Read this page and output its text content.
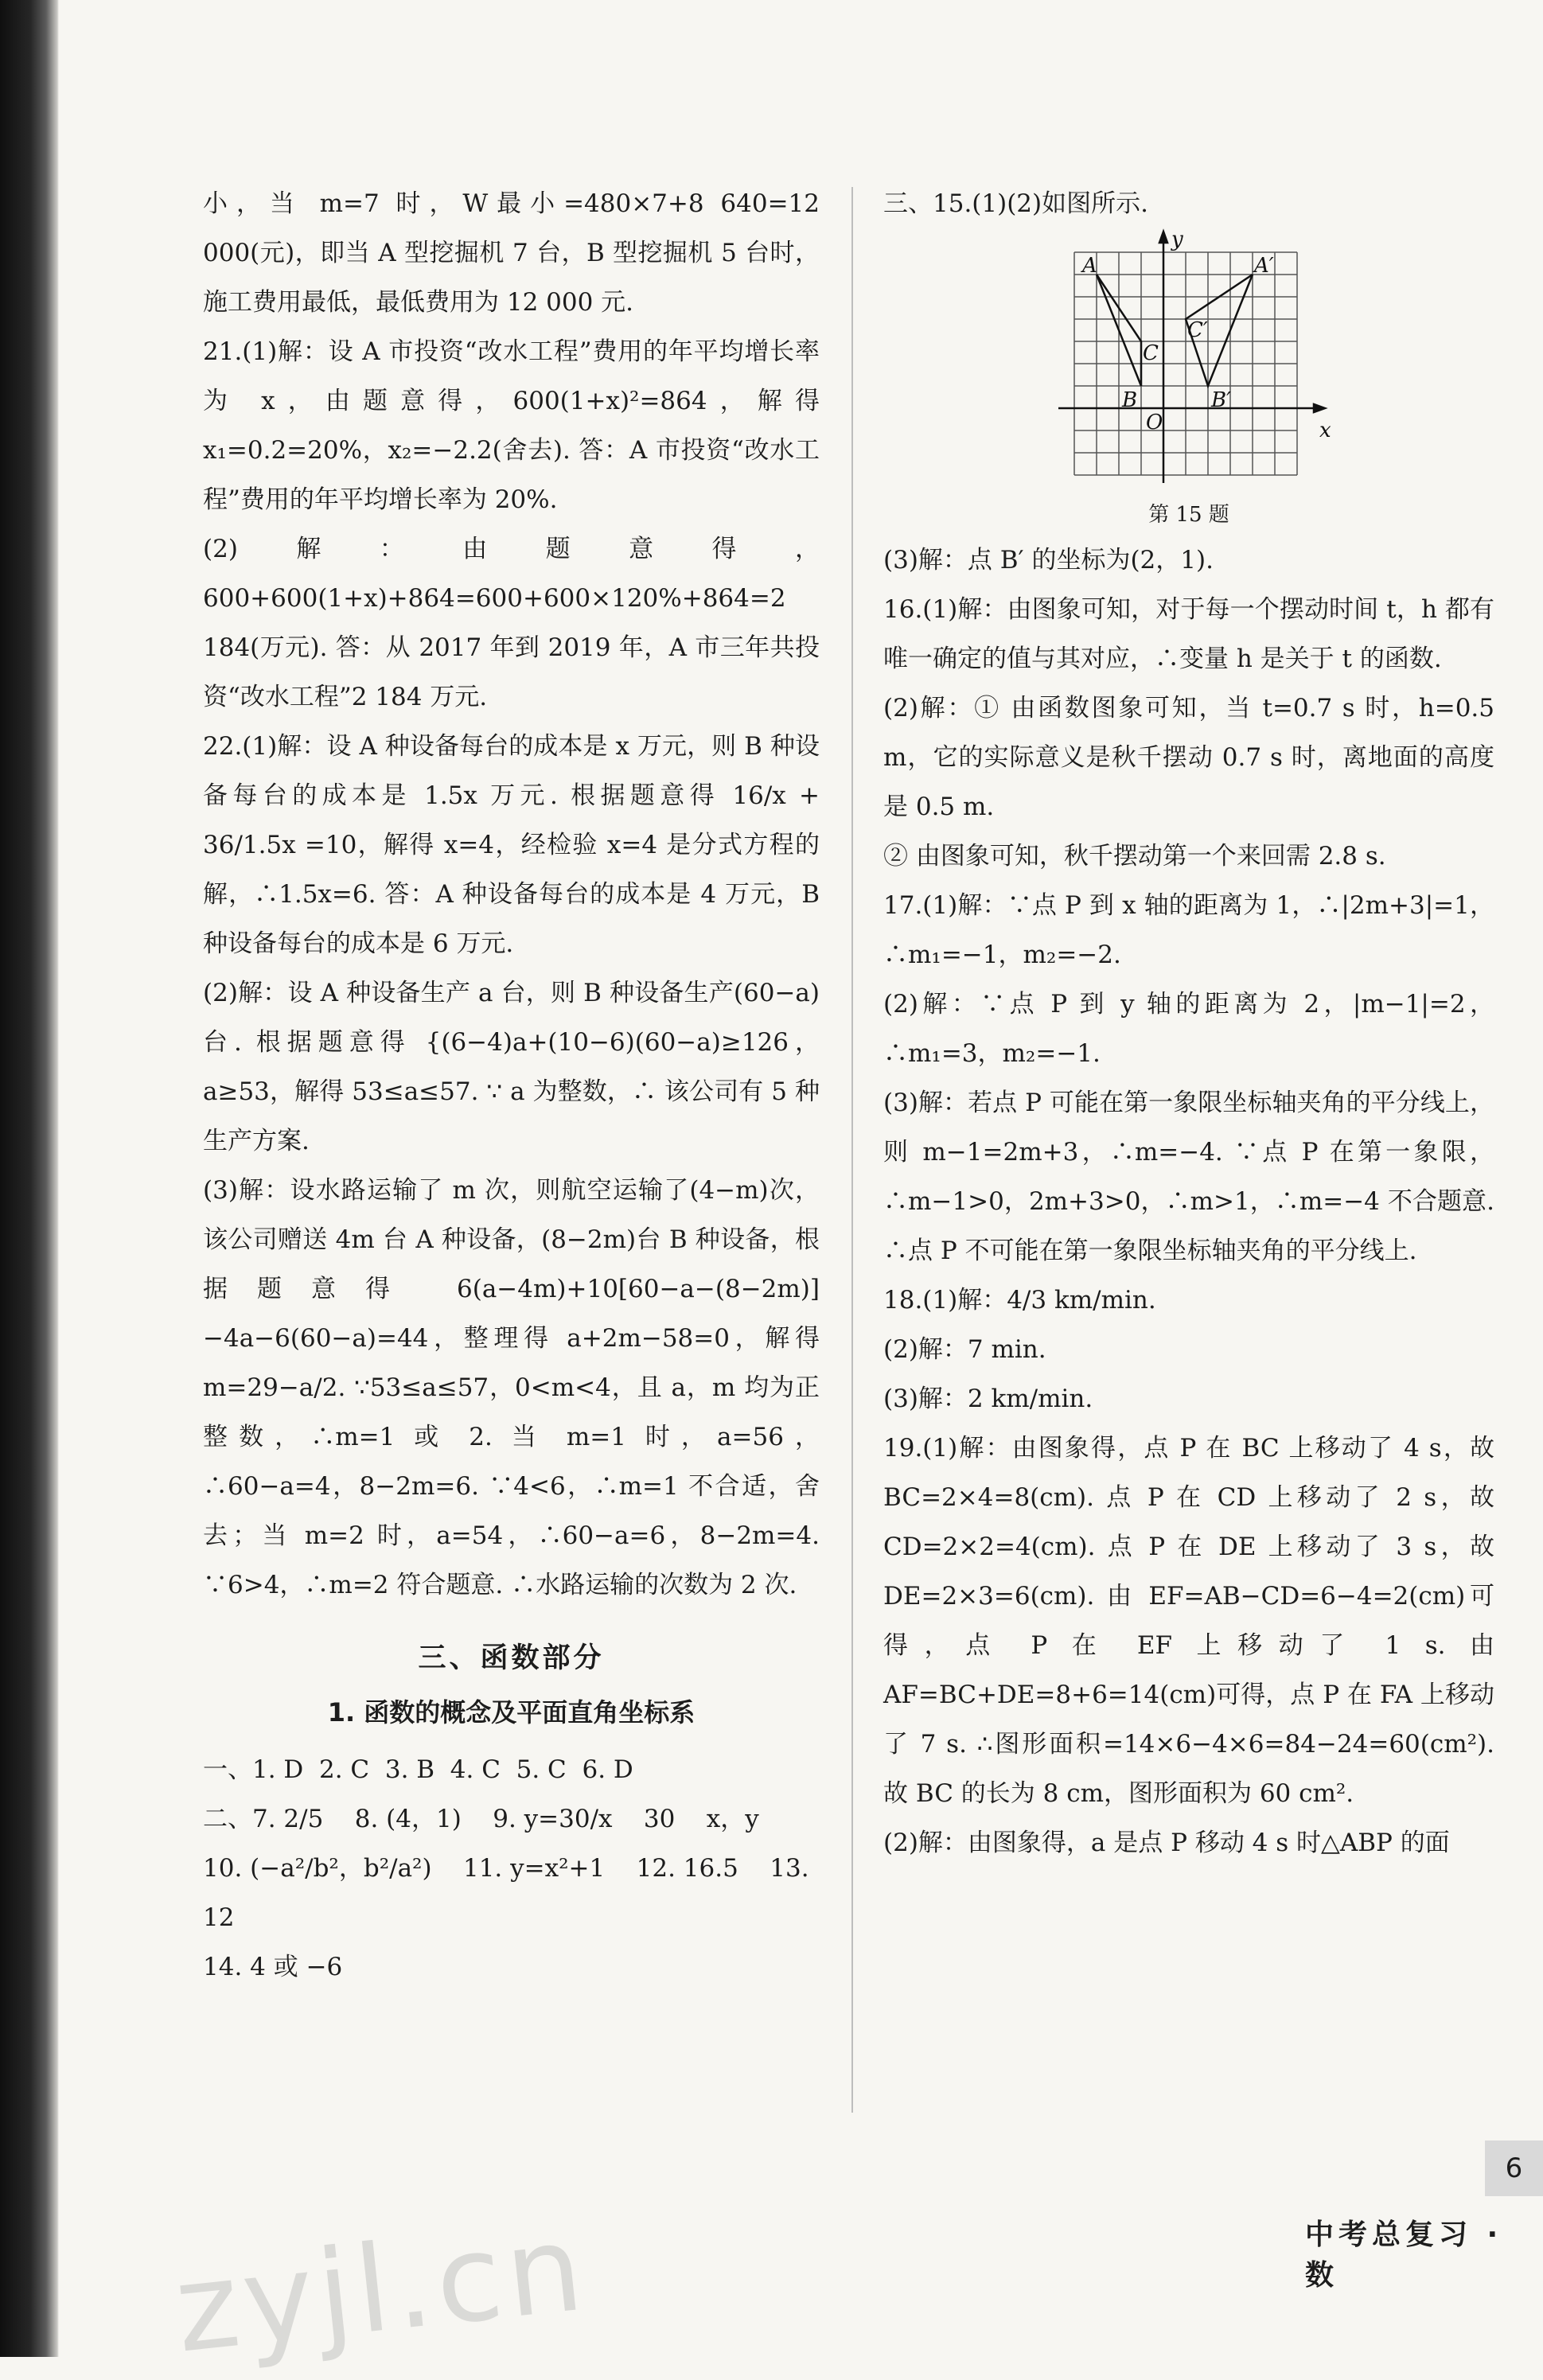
小，当 m=7 时，W最小=480×7+8 640=12 000(元)，即当 A 型挖掘机 7 台，B 型挖掘机 5 台时，施工费用最低，最低费用为 12 000 元.

21.(1)解：设 A 市投资“改水工程”费用的年平均增长率为 x，由题意得，600(1+x)²=864，解得 x₁=0.2=20%，x₂=−2.2(舍去). 答：A 市投资“改水工程”费用的年平均增长率为 20%.

(2)解：由题意得，600+600(1+x)+864=600+600×120%+864=2 184(万元). 答：从 2017 年到 2019 年，A 市三年共投资“改水工程”2 184 万元.

22.(1)解：设 A 种设备每台的成本是 x 万元，则 B 种设备每台的成本是 1.5x 万元. 根据题意得 16/x + 36/1.5x =10，解得 x=4，经检验 x=4 是分式方程的解，∴1.5x=6. 答：A 种设备每台的成本是 4 万元，B 种设备每台的成本是 6 万元.

(2)解：设 A 种设备生产 a 台，则 B 种设备生产(60−a)台. 根据题意得 {(6−4)a+(10−6)(60−a)≥126，a≥53，解得 53≤a≤57. ∵ a 为整数，∴ 该公司有 5 种生产方案.

(3)解：设水路运输了 m 次，则航空运输了(4−m)次，该公司赠送 4m 台 A 种设备，(8−2m)台 B 种设备，根据题意得 6(a−4m)+10[60−a−(8−2m)]−4a−6(60−a)=44，整理得 a+2m−58=0，解得 m=29−a/2. ∵53≤a≤57，0<m<4，且 a，m 均为正整数，∴m=1 或 2. 当 m=1 时，a=56，∴60−a=4，8−2m=6. ∵4<6，∴m=1 不合适，舍去；当 m=2 时，a=54，∴60−a=6，8−2m=4. ∵6>4，∴m=2 符合题意. ∴水路运输的次数为 2 次.

三、函数部分
1. 函数的概念及平面直角坐标系
一、1. D  2. C  3. B  4. C  5. C  6. D
二、7. 2/5    8. (4，1)    9. y=30/x    30    x，y
10. (−a²/b²，b²/a²)    11. y=x²+1    12. 16.5    13. 12
14. 4 或 −6

三、15.(1)(2)如图所示.

A	A′
B	B′
C
C′
O	x
y
第 15 题

(3)解：点 B′ 的坐标为(2，1).

16.(1)解：由图象可知，对于每一个摆动时间 t，h 都有唯一确定的值与其对应，∴变量 h 是关于 t 的函数.

(2)解：① 由函数图象可知，当 t=0.7 s 时，h=0.5 m，它的实际意义是秋千摆动 0.7 s 时，离地面的高度是 0.5 m.

② 由图象可知，秋千摆动第一个来回需 2.8 s.

17.(1)解：∵点 P 到 x 轴的距离为 1，∴|2m+3|=1，∴m₁=−1，m₂=−2.

(2)解：∵点 P 到 y 轴的距离为 2，|m−1|=2，∴m₁=3，m₂=−1.

(3)解：若点 P 可能在第一象限坐标轴夹角的平分线上，则 m−1=2m+3，∴m=−4. ∵点 P 在第一象限，∴m−1>0，2m+3>0，∴m>1，∴m=−4 不合题意. ∴点 P 不可能在第一象限坐标轴夹角的平分线上.

18.(1)解：4/3 km/min.

(2)解：7 min.

(3)解：2 km/min.

19.(1)解：由图象得，点 P 在 BC 上移动了 4 s，故 BC=2×4=8(cm). 点 P 在 CD 上移动了 2 s，故 CD=2×2=4(cm). 点 P 在 DE 上移动了 3 s，故 DE=2×3=6(cm). 由 EF=AB−CD=6−4=2(cm)可得，点 P 在 EF 上移动了 1 s. 由 AF=BC+DE=8+6=14(cm)可得，点 P 在 FA 上移动了 7 s. ∴图形面积=14×6−4×6=84−24=60(cm²). 故 BC 的长为 8 cm，图形面积为 60 cm².

(2)解：由图象得，a 是点 P 移动 4 s 时△ABP 的面

6
中考总复习 · 数
zyjl.cn
